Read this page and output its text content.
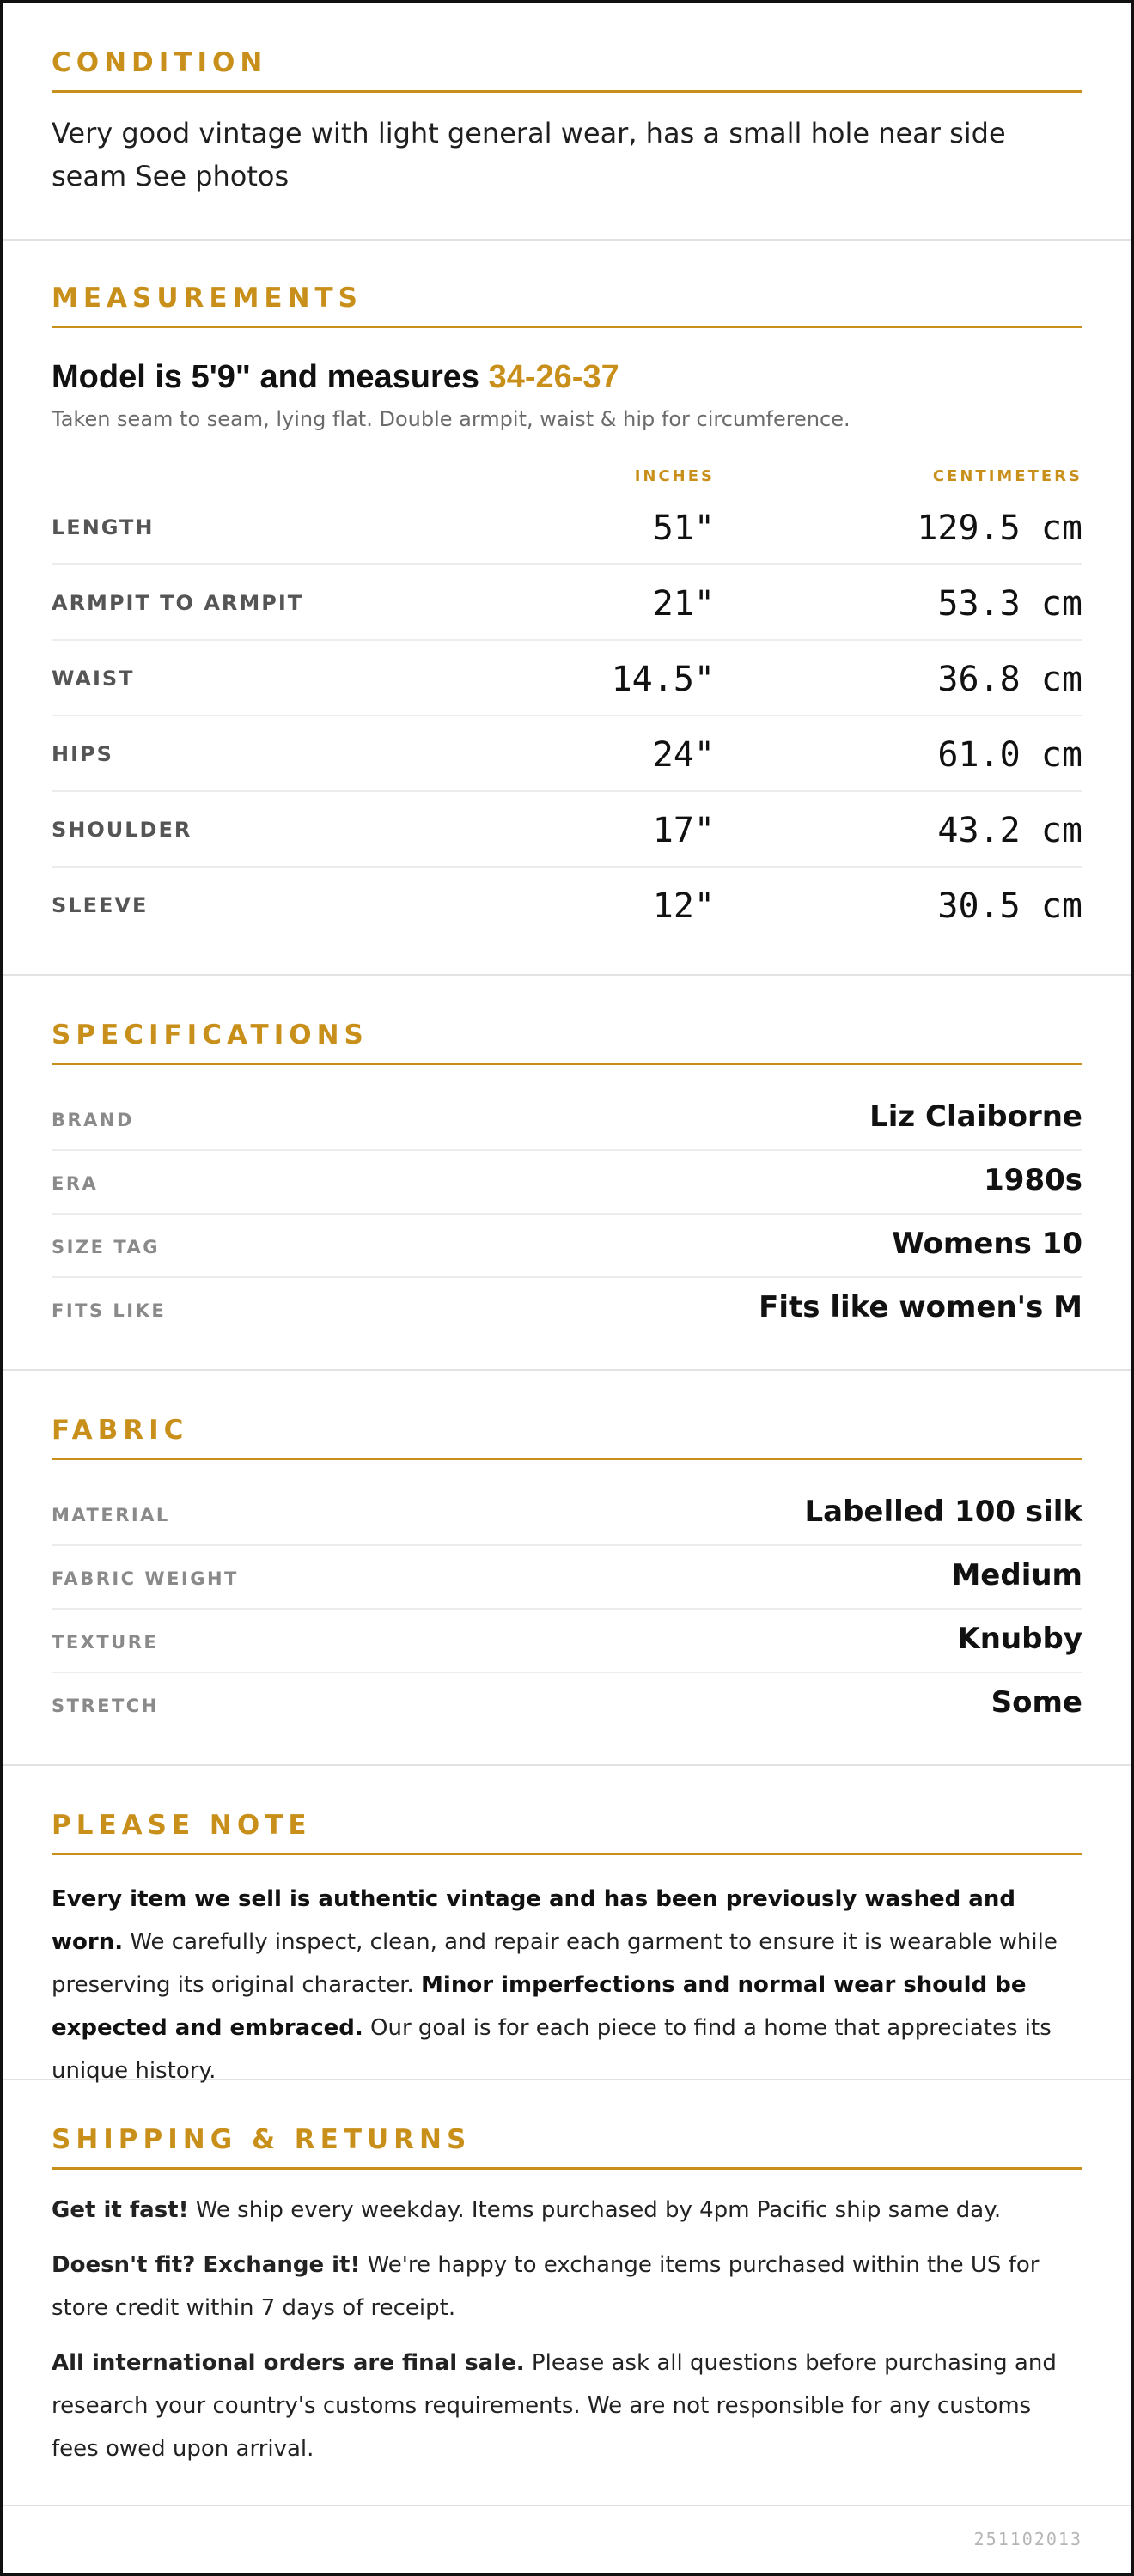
CONDITION
Very good vintage with light general wear, has a small hole near side seam See photos
MEASUREMENTS
Model is 5'9" and measures 34-26-37
Taken seam to seam, lying flat. Double armpit, waist & hip for circumference.
INCHES	CENTIMETERS
LENGTH	51"	129.5 cm
ARMPIT TO ARMPIT	21"	53.3 cm
WAIST	14.5"	36.8 cm
HIPS	24"	61.0 cm
SHOULDER	17"	43.2 cm
SLEEVE	12"	30.5 cm
SPECIFICATIONS
BRAND	Liz Claiborne
ERA	1980s
SIZE TAG	Womens 10
FITS LIKE	Fits like women's M
FABRIC
MATERIAL	Labelled 100 silk
FABRIC WEIGHT	Medium
TEXTURE	Knubby
STRETCH	Some
PLEASE NOTE

Every item we sell is authentic vintage and has been previously washed and worn. We carefully inspect, clean, and repair each garment to ensure it is wearable while preserving its original character. Minor imperfections and normal wear should be expected and embraced. Our goal is for each piece to find a home that appreciates its unique history.

SHIPPING & RETURNS

Get it fast! We ship every weekday. Items purchased by 4pm Pacific ship same day.

Doesn't fit? Exchange it! We're happy to exchange items purchased within the US for store credit within 7 days of receipt.

All international orders are final sale. Please ask all questions before purchasing and research your country's customs requirements. We are not responsible for any customs fees owed upon arrival.

251102013
